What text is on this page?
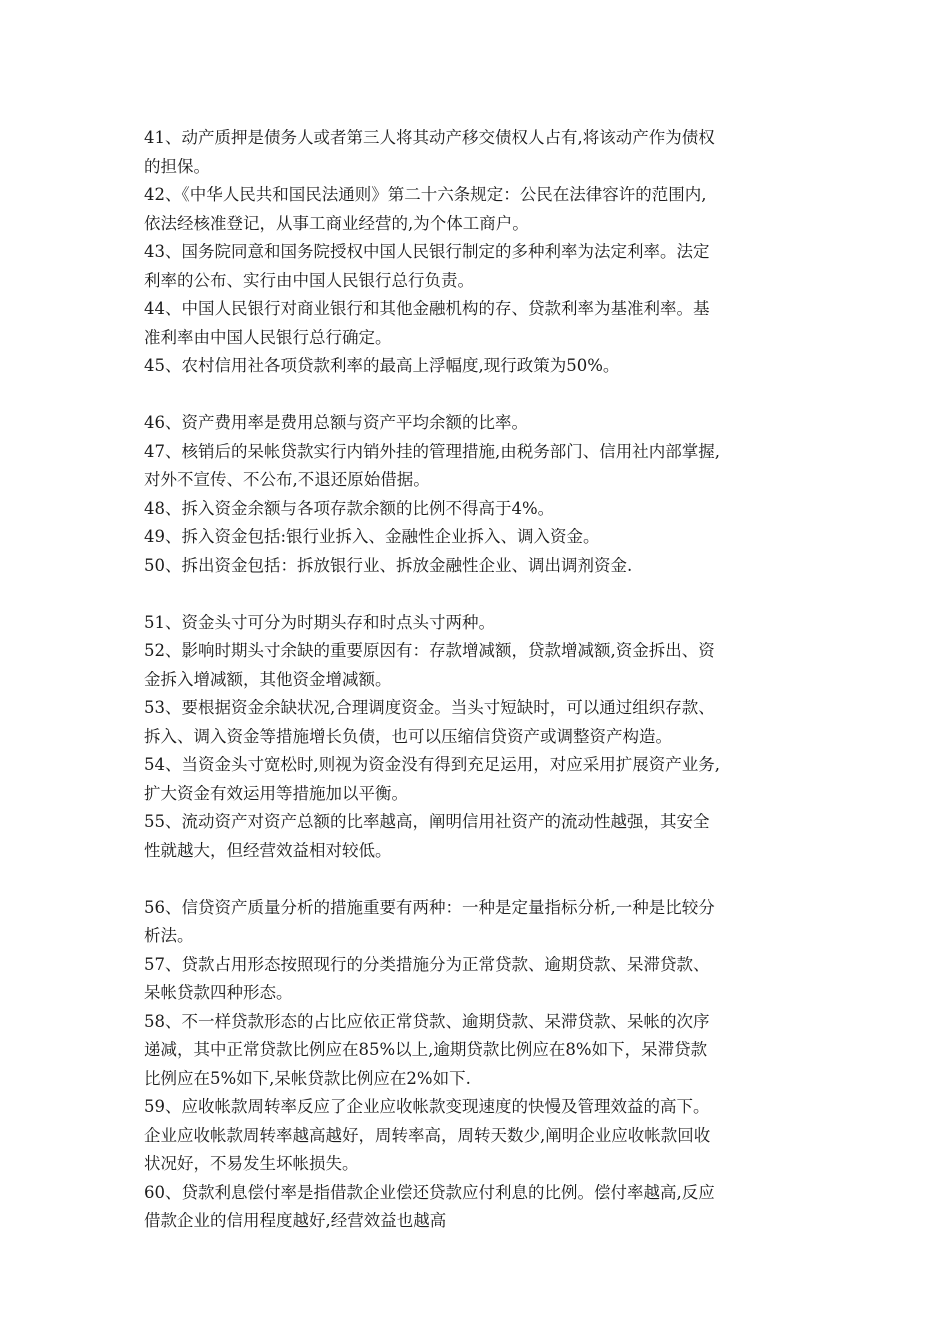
41、动产质押是债务人或者第三人将其动产移交债权人占有,将该动产作为债权
的担保。
42、《中华人民共和国民法通则》第二十六条规定：公民在法律容许的范围内,
依法经核准登记，从事工商业经营的,为个体工商户。
43、国务院同意和国务院授权中国人民银行制定的多种利率为法定利率。法定
利率的公布、实行由中国人民银行总行负责。
44、中国人民银行对商业银行和其他金融机构的存、贷款利率为基准利率。基
准利率由中国人民银行总行确定。
45、农村信用社各项贷款利率的最高上浮幅度,现行政策为50%。
46、资产费用率是费用总额与资产平均余额的比率。
47、核销后的呆帐贷款实行内销外挂的管理措施,由税务部门、信用社内部掌握,
对外不宣传、不公布,不退还原始借据。
48、拆入资金余额与各项存款余额的比例不得高于4%。
49、拆入资金包括:银行业拆入、金融性企业拆入、调入资金。
50、拆出资金包括：拆放银行业、拆放金融性企业、调出调剂资金.
51、资金头寸可分为时期头存和时点头寸两种。
52、影响时期头寸余缺的重要原因有：存款增减额，贷款增减额,资金拆出、资
金拆入增减额，其他资金增减额。
53、要根据资金余缺状况,合理调度资金。当头寸短缺时，可以通过组织存款、
拆入、调入资金等措施增长负债，也可以压缩信贷资产或调整资产构造。
54、当资金头寸宽松时,则视为资金没有得到充足运用，对应采用扩展资产业务,
扩大资金有效运用等措施加以平衡。
55、流动资产对资产总额的比率越高，阐明信用社资产的流动性越强，其安全
性就越大，但经营效益相对较低。
56、信贷资产质量分析的措施重要有两种：一种是定量指标分析,一种是比较分
析法。
57、贷款占用形态按照现行的分类措施分为正常贷款、逾期贷款、呆滞贷款、
呆帐贷款四种形态。
58、不一样贷款形态的占比应依正常贷款、逾期贷款、呆滞贷款、呆帐的次序
递减，其中正常贷款比例应在85%以上,逾期贷款比例应在8%如下，呆滞贷款
比例应在5%如下,呆帐贷款比例应在2%如下.
59、应收帐款周转率反应了企业应收帐款变现速度的快慢及管理效益的高下。
企业应收帐款周转率越高越好，周转率高，周转天数少,阐明企业应收帐款回收
状况好，不易发生坏帐损失。
60、贷款利息偿付率是指借款企业偿还贷款应付利息的比例。偿付率越高,反应
借款企业的信用程度越好,经营效益也越高
